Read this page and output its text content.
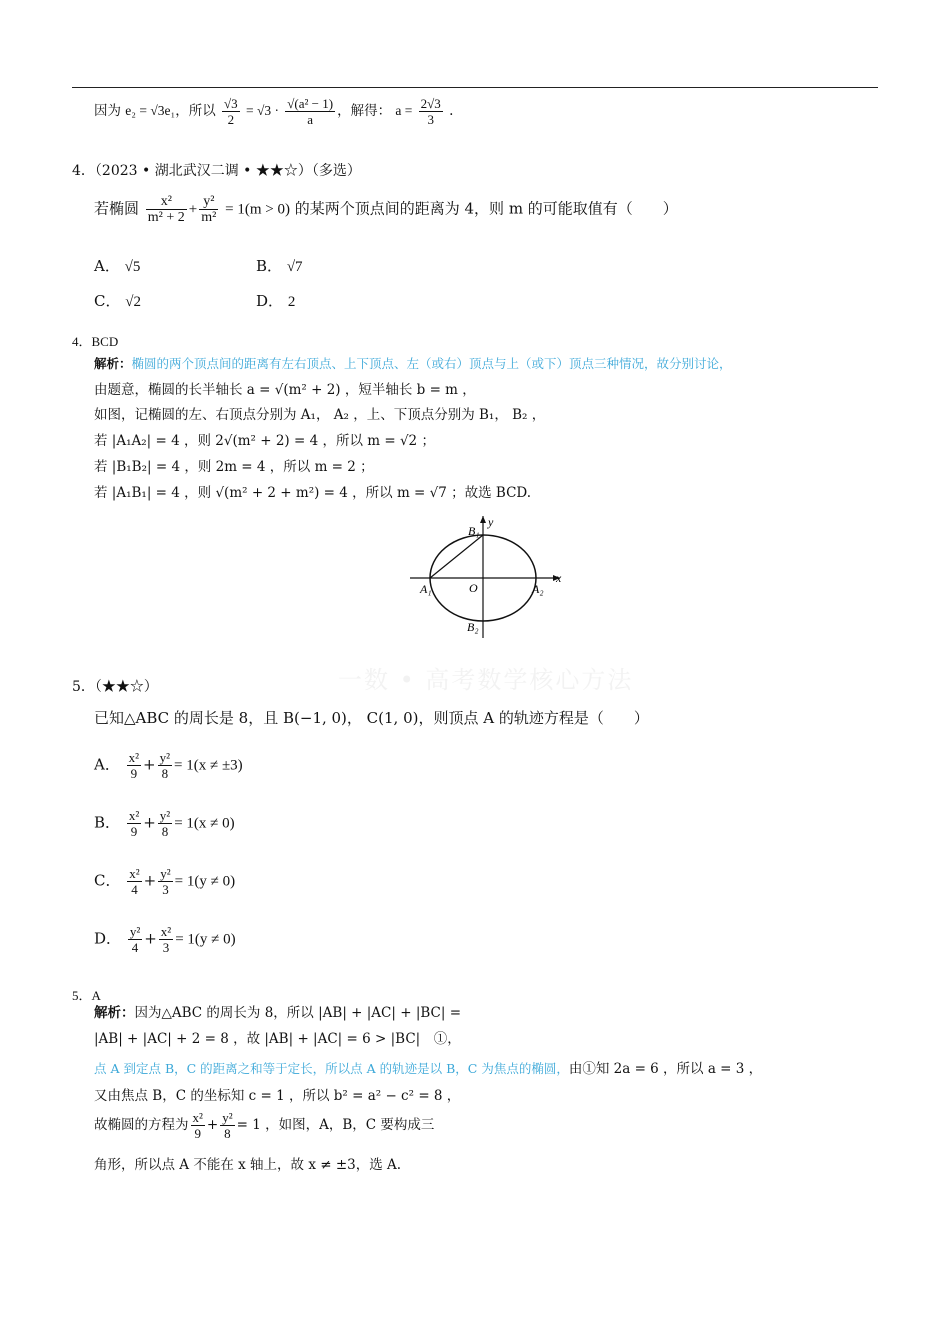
因为 e₂ = √3e₁，所以 $\frac{√3}{2} = √3 \cdot \frac{\text{√(a² − 1)}}{a}$ ，解得： $a = \frac{2√3}{3}$ .
4．（2023 • 湖北武汉二调 • ★★☆）（多选）
若椭圆 $\frac{\text{x²}}{\text{m² + 2}} + \frac{\text{y²}}{\text{m²}} = 1(m > 0)$ 的某两个顶点间的距离为 4，则 m 的可能取值有（　　）
A． √5	B． √7
C． √2	D． 2
4．BCD
解析：椭圆的两个顶点间的距离有左右顶点、上下顶点、左（或右）顶点与上（或下）顶点三种情况，故分别讨论，
由题意，椭圆的长半轴长 a = √(m² + 2) ，短半轴长 b = m ，
如图，记椭圆的左、右顶点分别为 A₁， A₂ ，上、下顶点分别为 B₁， B₂ ，
若 |A₁A₂| = 4 ，则 2√(m² + 2) = 4 ，所以 m = √2 ；
若 |B₁B₂| = 4 ，则 2m = 4 ，所以 m = 2 ；
若 |A₁B₁| = 4 ，则 √(m² + 2 + m²) = 4 ，所以 m = √7 ；故选 BCD.
y
x
O
A₁	A₂
B₁
B₂
一数 • 高考数学核心方法
5．（★★☆）
已知△ABC 的周长是 8，且 B(−1, 0)， C(1, 0)，则顶点 A 的轨迹方程是（　　）
A． $\frac{\text{x²}}{9} + \frac{\text{y²}}{8} = 1(x \ne \pm 3)$
B． $\frac{\text{x²}}{9} + \frac{\text{y²}}{8} = 1(x \ne 0)$
C． $\frac{\text{x²}}{4} + \frac{\text{y²}}{3} = 1(y \ne 0)$
D． $\frac{\text{y²}}{4} + \frac{\text{x²}}{3} = 1(y \ne 0)$
5．A
解析：因为△ABC 的周长为 8，所以 |AB| + |AC| + |BC| =
|AB| + |AC| + 2 = 8 ，故 |AB| + |AC| = 6 > |BC|　①，
点 A 到定点 B，C 的距离之和等于定长，所以点 A 的轨迹是以 B，C 为焦点的椭圆，由①知 2a = 6 ，所以 a = 3 ，
又由焦点 B，C 的坐标知 c = 1 ，所以 b² = a² − c² = 8 ，
故椭圆的方程为 $\frac{\text{x²}}{9} + \frac{\text{y²}}{8} = 1$ ，如图，A，B，C 要构成三
角形，所以点 A 不能在 x 轴上，故 x ≠ ±3，选 A.
